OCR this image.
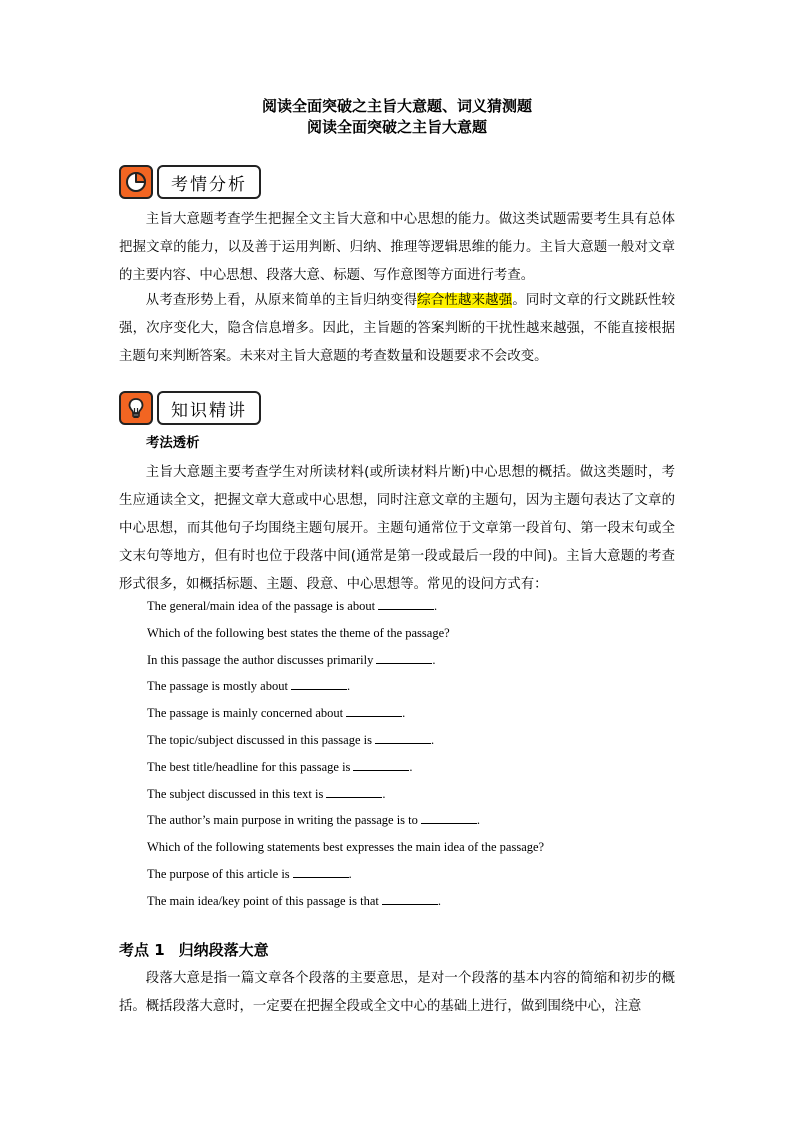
阅读全面突破之主旨大意题、词义猜测题
阅读全面突破之主旨大意题
考情分析

主旨大意题考查学生把握全文主旨大意和中心思想的能力。做这类试题需要考生具有总体把握文章的能力，以及善于运用判断、归纳、推理等逻辑思维的能力。主旨大意题一般对文章的主要内容、中心思想、段落大意、标题、写作意图等方面进行考查。

从考查形势上看，从原来简单的主旨归纳变得综合性越来越强。同时文章的行文跳跃性较强，次序变化大，隐含信息增多。因此，主旨题的答案判断的干扰性越来越强，不能直接根据主题句来判断答案。未来对主旨大意题的考查数量和设题要求不会改变。

知识精讲
考法透析

主旨大意题主要考查学生对所读材料(或所读材料片断)中心思想的概括。做这类题时，考生应通读全文，把握文章大意或中心思想，同时注意文章的主题句，因为主题句表达了文章的中心思想，而其他句子均围绕主题句展开。主题句通常位于文章第一段首句、第一段末句或全文末句等地方，但有时也位于段落中间(通常是第一段或最后一段的中间)。主旨大意题的考查形式很多，如概括标题、主题、段意、中心思想等。常见的设问方式有：

The general/main idea of the passage is about	.
Which of the following best states the theme of the passage?
In this passage the author discusses primarily	.
The passage is mostly about	.
The passage is mainly concerned about	.
The topic/subject discussed in this passage is	.
The best title/headline for this passage is	.
The subject discussed in this text is	.
The author’s main purpose in writing the passage is to	.
Which of the following statements best expresses the main idea of the passage?
The purpose of this article is	.
The main idea/key point of this passage is that	.
考点 1 归纳段落大意

段落大意是指一篇文章各个段落的主要意思，是对一个段落的基本内容的简缩和初步的概括。概括段落大意时，一定要在把握全段或全文中心的基础上进行，做到围绕中心，注意
